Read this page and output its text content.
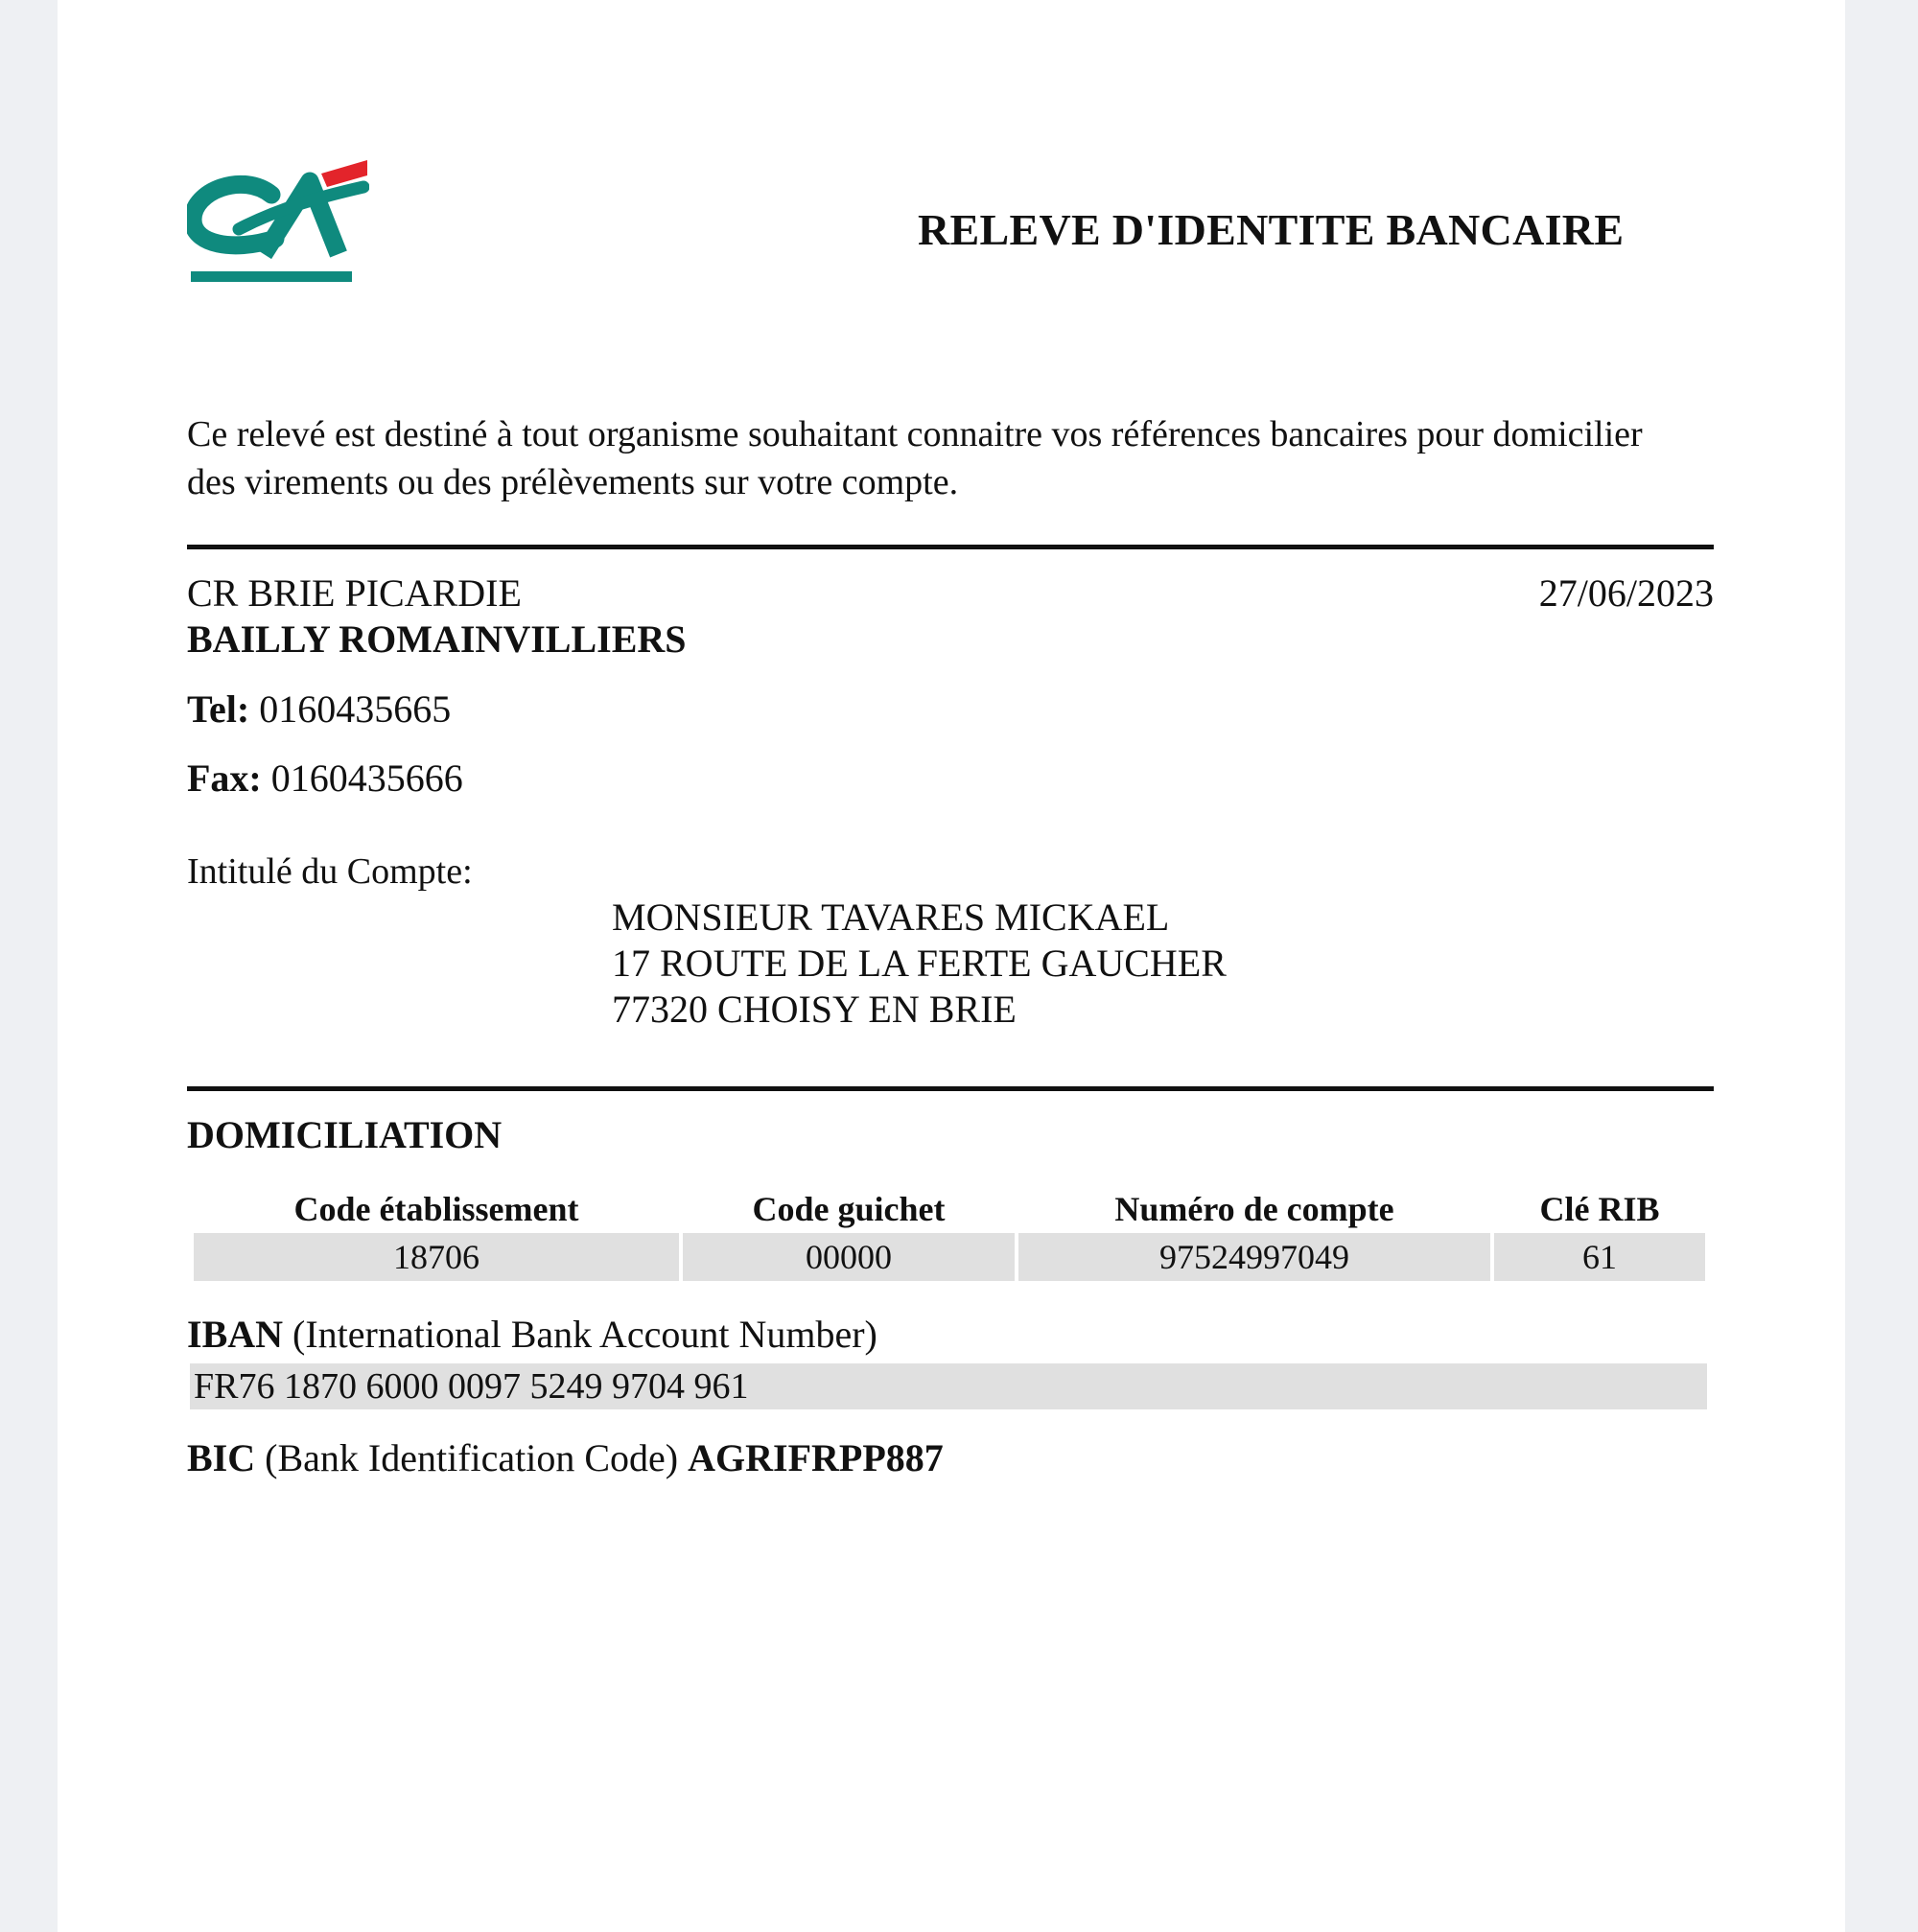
RELEVE D'IDENTITE BANCAIRE
Ce relevé est destiné à tout organisme souhaitant connaitre vos références bancaires pour domicilier des virements ou des prélèvements sur votre compte.
CR BRIE PICARDIE
BAILLY ROMAINVILLIERS
27/06/2023
Tel: 0160435665
Fax: 0160435666
Intitulé du Compte:
MONSIEUR TAVARES MICKAEL
17 ROUTE DE LA FERTE GAUCHER
77320 CHOISY EN BRIE
DOMICILIATION
Code établissement	Code guichet	Numéro de compte	Clé RIB
18706	00000	97524997049	61
IBAN (International Bank Account Number)
FR76 1870 6000 0097 5249 9704 961
BIC (Bank Identification Code) AGRIFRPP887
